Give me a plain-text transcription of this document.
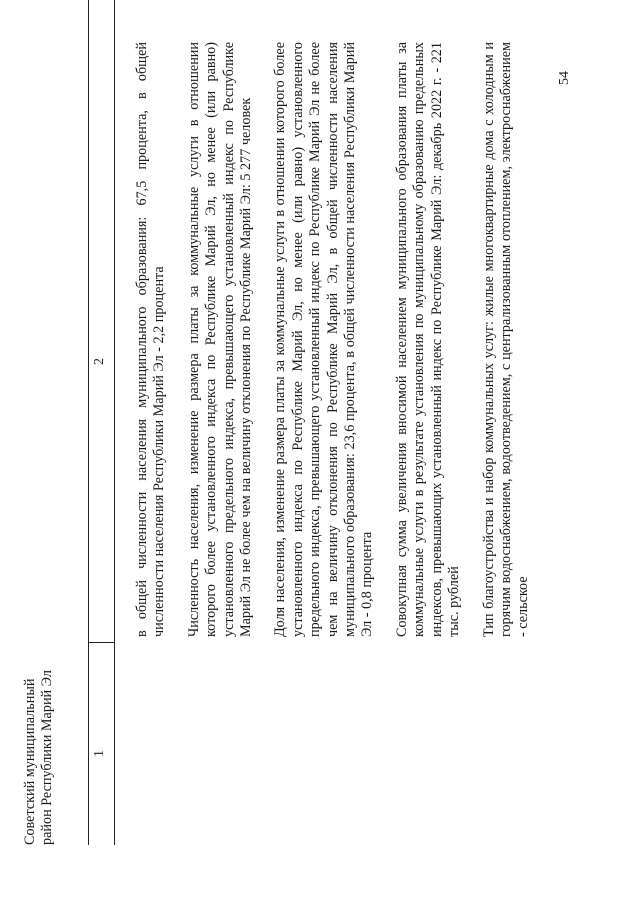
54
1
2
Советский муниципальный район Республики Марий Эл

в общей численности населения муниципального образования: 67,5 процента, в общей численности населения Республики Марий Эл - 2,2 процента Численность населения, изменение размера платы за коммунальные услуги в отношении которого более установленного индекса по Республике Марий Эл, но менее (или равно) установленного предельного индекса, превышающего установленный индекс по Республике Марий Эл не более чем на величину отклонения по Республике Марий Эл: 5 277 человек Доля населения, изменение размера платы за коммунальные услуги в отношении которого более установленного индекса по Республике Марий Эл, но менее (или равно) установленного предельного индекса, превышающего установленный индекс по Республике Марий Эл не более чем на величину отклонения по Республике Марий Эл, в общей численности населения муниципального образования: 23,6 процента, в общей численности населения Республики Марий Эл - 0,8 процента Совокупная сумма увеличения вносимой населением муниципального образования платы за коммунальные услуги в результате установления по муниципальному образованию предельных индексов, превышающих установленный индекс по Республике Марий Эл: декабрь 2022 г. - 221 тыс. рублей Тип благоустройства и набор коммунальных услуг: жилые многоквартирные дома с холодным и горячим водоснабжением, водоотведением, с централизованным отоплением, электроснабжением - сельское
